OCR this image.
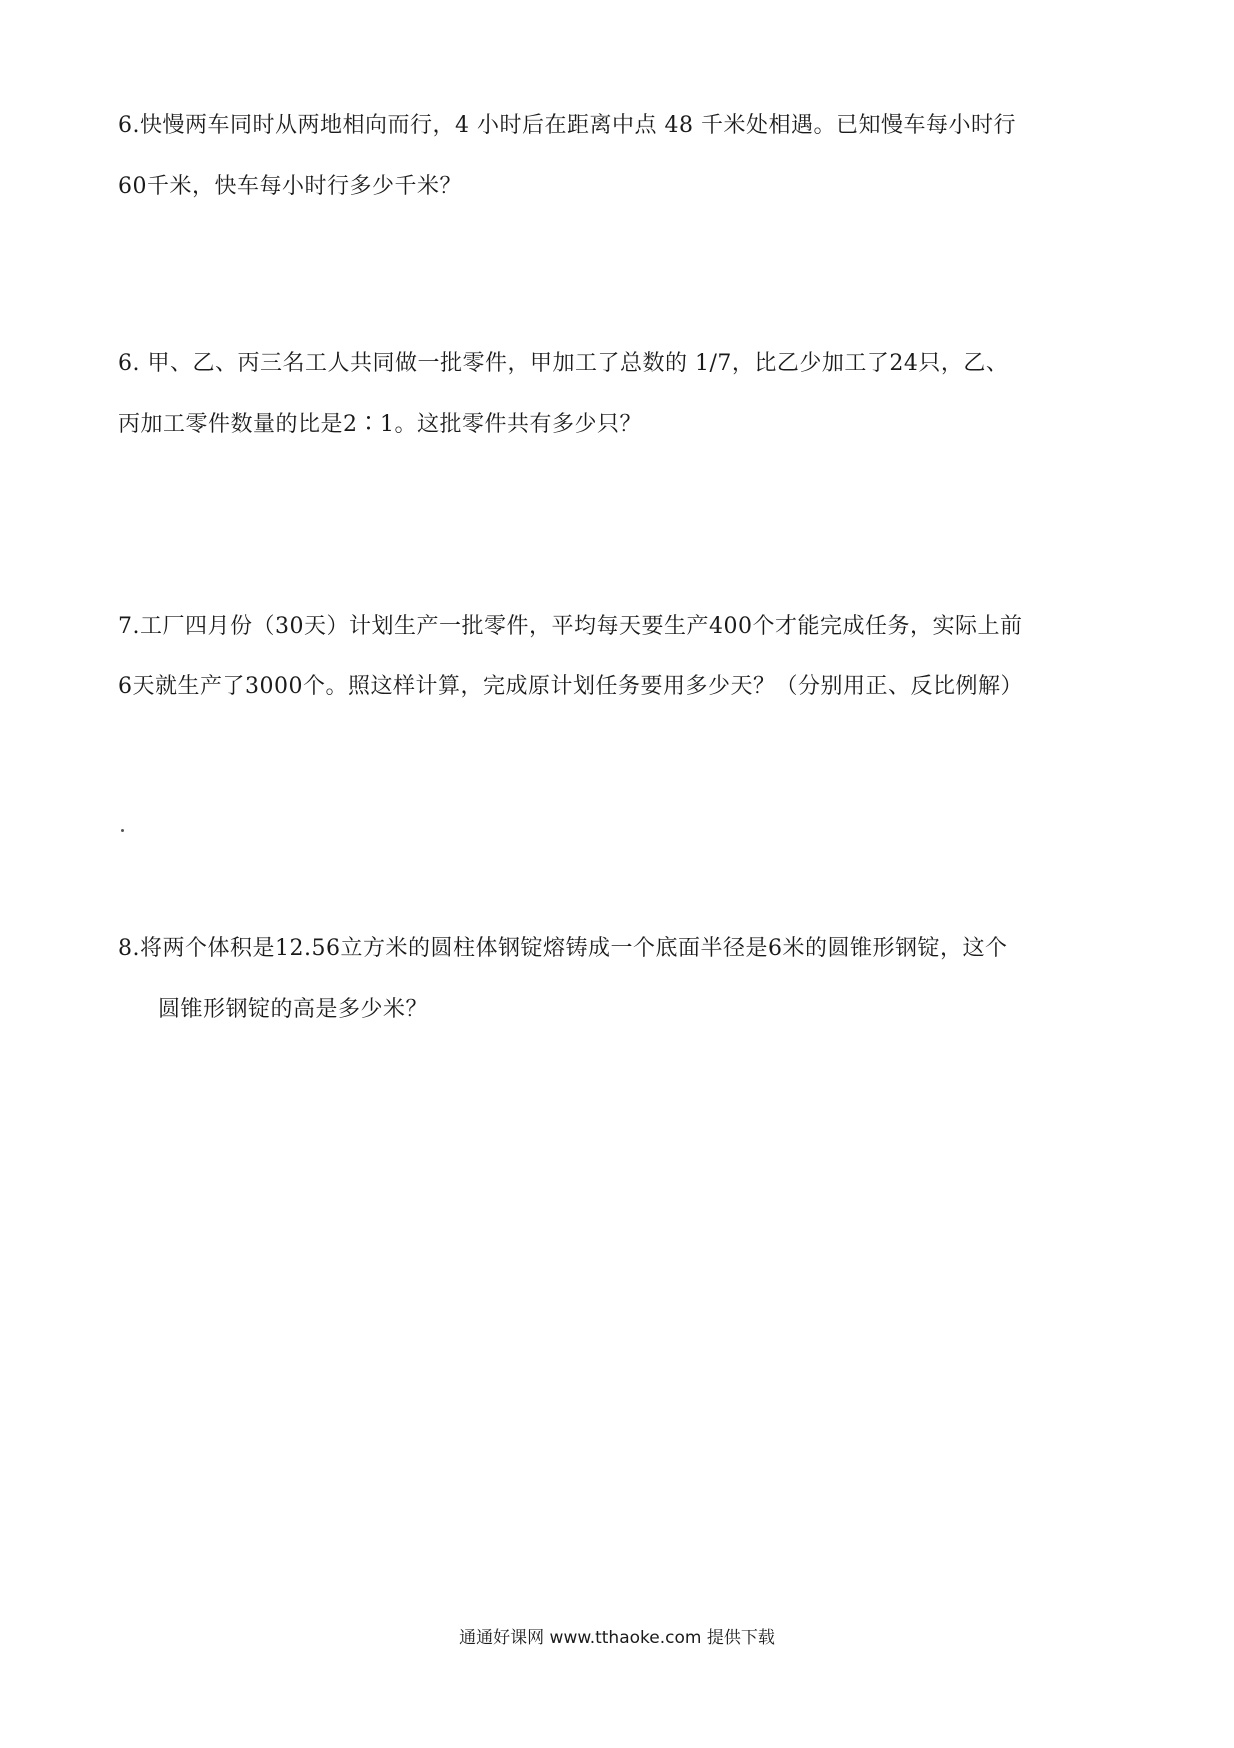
6.快慢两车同时从两地相向而行，4 小时后在距离中点 48 千米处相遇。已知慢车每小时行
60千米，快车每小时行多少千米？
6. 甲、乙、丙三名工人共同做一批零件，甲加工了总数的 1/7，比乙少加工了24只，乙、
丙加工零件数量的比是2∶1。这批零件共有多少只？
7.工厂四月份（30天）计划生产一批零件，平均每天要生产400个才能完成任务，实际上前
6天就生产了3000个。照这样计算，完成原计划任务要用多少天？（分别用正、反比例解）
8.将两个体积是12.56立方米的圆柱体钢锭熔铸成一个底面半径是6米的圆锥形钢锭，这个
圆锥形钢锭的高是多少米？
通通好课网 www.tthaoke.com 提供下载
